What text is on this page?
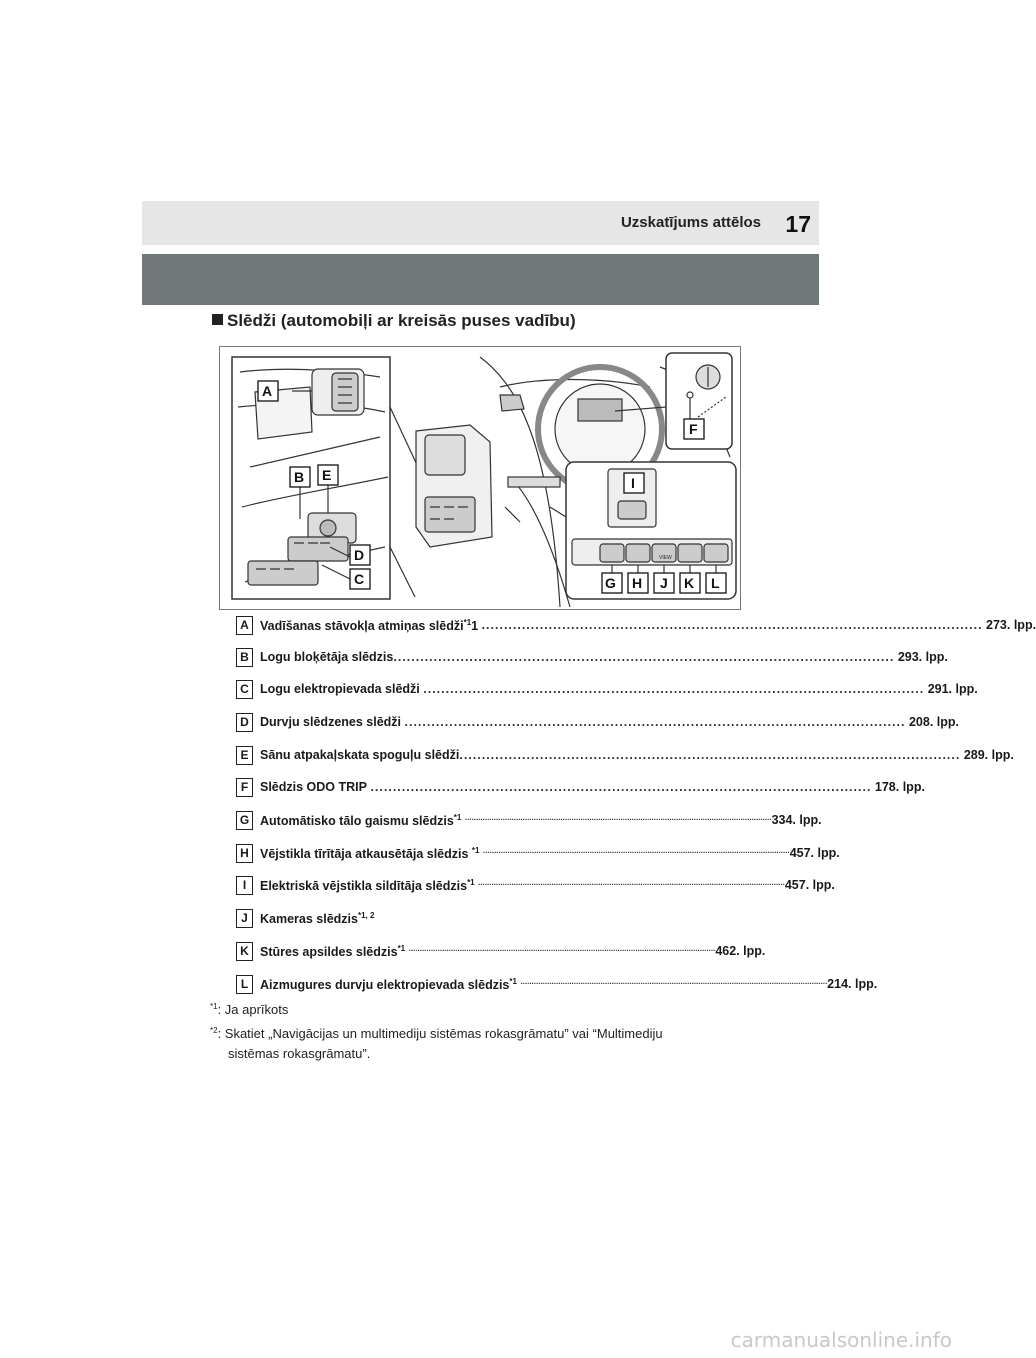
Uzskatījums attēlos 17
Slēdži (automobiļi ar kreisās puses vadību)
VIEW
A
B E
D
C
F
I
G H J K L
A Vadīšanas stāvokļa atmiņas slēdži$^{*1}$1 ................................................................................................................ 273. lpp.
B Logu bloķētāja slēdzis ................................................................................................................ 293. lpp.
C Logu elektropievada slēdži ................................................................................................................ 291. lpp.
D Durvju slēdzenes slēdži ................................................................................................................ 208. lpp.
E Sānu atpakaļskata spoguļu slēdži ................................................................................................................ 289. lpp.
F Slēdzis ODO TRIP ................................................................................................................ 178. lpp.
G Automātisko tālo gaismu slēdzis$^{*1}$ .......................................................................................................................................... 334. lpp.
H Vējstikla tīrītāja atkausētāja slēdzis $^{*1}$ .......................................................................................................................................... 457. lpp.
I	Elektriskā vējstikla sildītāja slēdzis$^{*1}$ .......................................................................................................................................... 457. lpp.
J Kameras slēdzis$^{*1, 2}$
K Stūres apsildes slēdzis$^{*1}$ .......................................................................................................................................... 462. lpp.
L Aizmugures durvju elektropievada slēdzis$^{*1}$ .......................................................................................................................................... 214. lpp.
$^{*1}$: Ja aprīkots
$^{*2}$: Skatiet „Navigācijas un multimediju sistēmas rokasgrāmatu” vai “Multimediju
sistēmas rokasgrāmatu”.
carmanualsonline.info
